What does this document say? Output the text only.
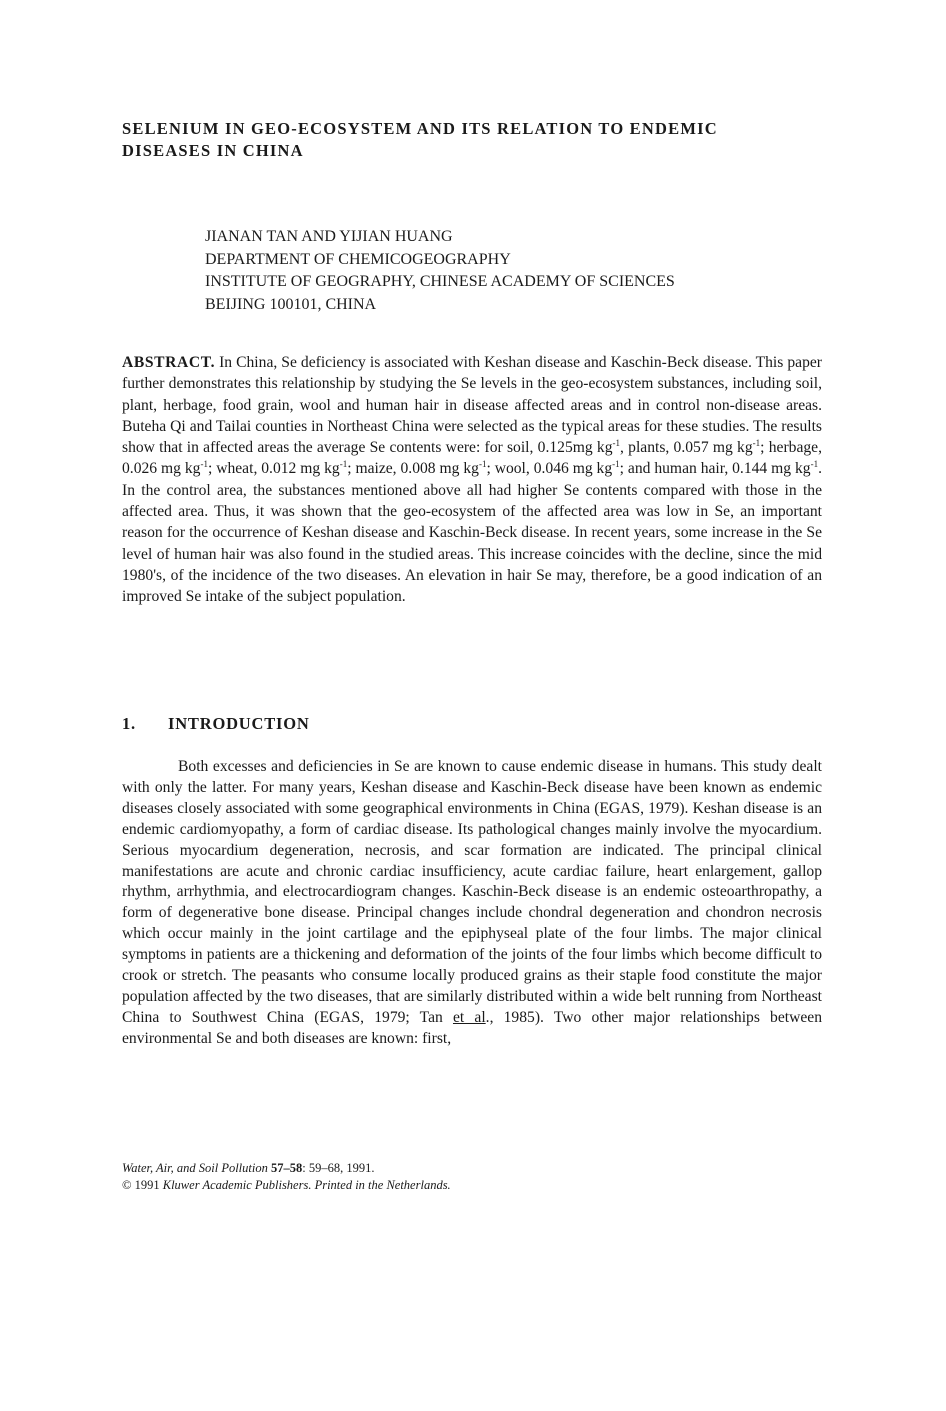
SELENIUM IN GEO-ECOSYSTEM AND ITS RELATION TO ENDEMIC
DISEASES IN CHINA
JIANAN TAN AND YIJIAN HUANG
DEPARTMENT OF CHEMICOGEOGRAPHY
INSTITUTE OF GEOGRAPHY, CHINESE ACADEMY OF SCIENCES
BEIJING 100101, CHINA
ABSTRACT. In China, Se deficiency is associated with Keshan disease and Kaschin-Beck disease. This paper further demonstrates this relationship by studying the Se levels in the geo-ecosystem substances, including soil, plant, herbage, food grain, wool and human hair in disease affected areas and in control non-disease areas. Buteha Qi and Tailai counties in Northeast China were selected as the typical areas for these studies. The results show that in affected areas the average Se contents were: for soil, 0.125mg $kg^{-1}$, plants, 0.057 mg $kg^{-1}$; herbage, 0.026 mg $kg^{-1}$; wheat, 0.012 mg $kg^{-1}$; maize, 0.008 mg $kg^{-1}$; wool, 0.046 mg $kg^{-1}$; and human hair, 0.144 mg $kg^{-1}$. In the control area, the substances mentioned above all had higher Se contents compared with those in the affected area. Thus, it was shown that the geo-ecosystem of the affected area was low in Se, an important reason for the occurrence of Keshan disease and Kaschin-Beck disease. In recent years, some increase in the Se level of human hair was also found in the studied areas. This increase coincides with the decline, since the mid 1980's, of the incidence of the two diseases. An elevation in hair Se may, therefore, be a good indication of an improved Se intake of the subject population.
1. INTRODUCTION
Both excesses and deficiencies in Se are known to cause endemic disease in humans. This study dealt with only the latter. For many years, Keshan disease and Kaschin-Beck disease have been known as endemic diseases closely associated with some geographical environments in China (EGAS, 1979). Keshan disease is an endemic cardiomyopathy, a form of cardiac disease. Its pathological changes mainly involve the myocardium. Serious myocardium degeneration, necrosis, and scar formation are indicated. The principal clinical manifestations are acute and chronic cardiac insufficiency, acute cardiac failure, heart enlargement, gallop rhythm, arrhythmia, and electrocardiogram changes. Kaschin-Beck disease is an endemic osteoarthropathy, a form of degenerative bone disease. Principal changes include chondral degeneration and chondron necrosis which occur mainly in the joint cartilage and the epiphyseal plate of the four limbs. The major clinical symptoms in patients are a thickening and deformation of the joints of the four limbs which become difficult to crook or stretch. The peasants who consume locally produced grains as their staple food constitute the major population affected by the two diseases, that are similarly distributed within a wide belt running from Northeast China to Southwest China (EGAS, 1979; Tan et al., 1985). Two other major relationships between environmental Se and both diseases are known: first,
Water, Air, and Soil Pollution 57–58: 59–68, 1991.
© 1991 Kluwer Academic Publishers. Printed in the Netherlands.
